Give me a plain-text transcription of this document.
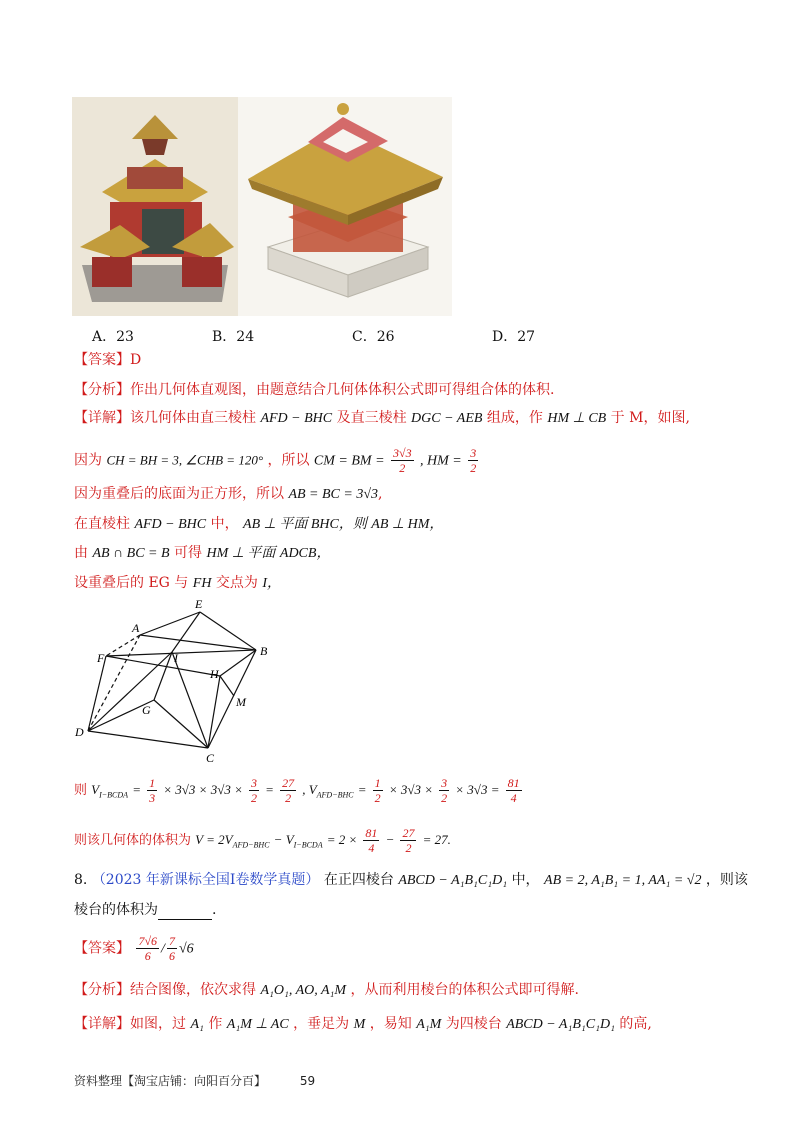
A．23	B．24	C．26	D．27
【答案】D
【分析】作出几何体直观图，由题意结合几何体体积公式即可得组合体的体积.
【详解】该几何体由直三棱柱 AFD − BHC 及直三棱柱 DGC − AEB 组成，作 HM ⊥ CB 于 M，如图,
因为 CH = BH = 3, ∠CHB = 120° ，所以 CM = BM = $\frac{3√3}{2}$ , HM = $\frac{3}{2}$
因为重叠后的底面为正方形，所以 AB = BC = 3√3,
在直棱柱 AFD − BHC 中， AB ⊥ 平面 BHC，则 AB ⊥ HM，
由 AB ∩ BC = B 可得 HM ⊥ 平面 ADCB，
设重叠后的 EG 与 FH 交点为 I，
E
A
F	I	B
H
G
M
D
C
则 $V_{I-BCDA} = \frac{1}{3} \times 3√3 \times 3√3 \times \frac{3}{2} = \frac{27}{2}$ , $V_{AFD-BHC} = \frac{1}{2} \times 3√3 \times \frac{3}{2} \times 3√3 = \frac{81}{4}$
则该几何体的体积为 $V = 2V_{AFD-BHC} - V_{I-BCDA} = 2 \times \frac{81}{4} - \frac{27}{2} = 27$.
8. （2023 年新课标全国Ⅰ卷数学真题） 在正四棱台 ABCD − A₁B₁C₁D₁ 中， AB = 2, A₁B₁ = 1, AA₁ = √2 ，则该
棱台的体积为	.
【答案】 $\frac{7√6}{6} / \frac{7}{6} √6$
【分析】结合图像，依次求得 A₁O₁, AO, A₁M ，从而利用棱台的体积公式即可得解.
【详解】如图，过 A₁ 作 A₁M ⊥ AC ，垂足为 M ，易知 A₁M 为四棱台 ABCD − A₁B₁C₁D₁ 的高,
资料整理【淘宝店铺：向阳百分百】	59
